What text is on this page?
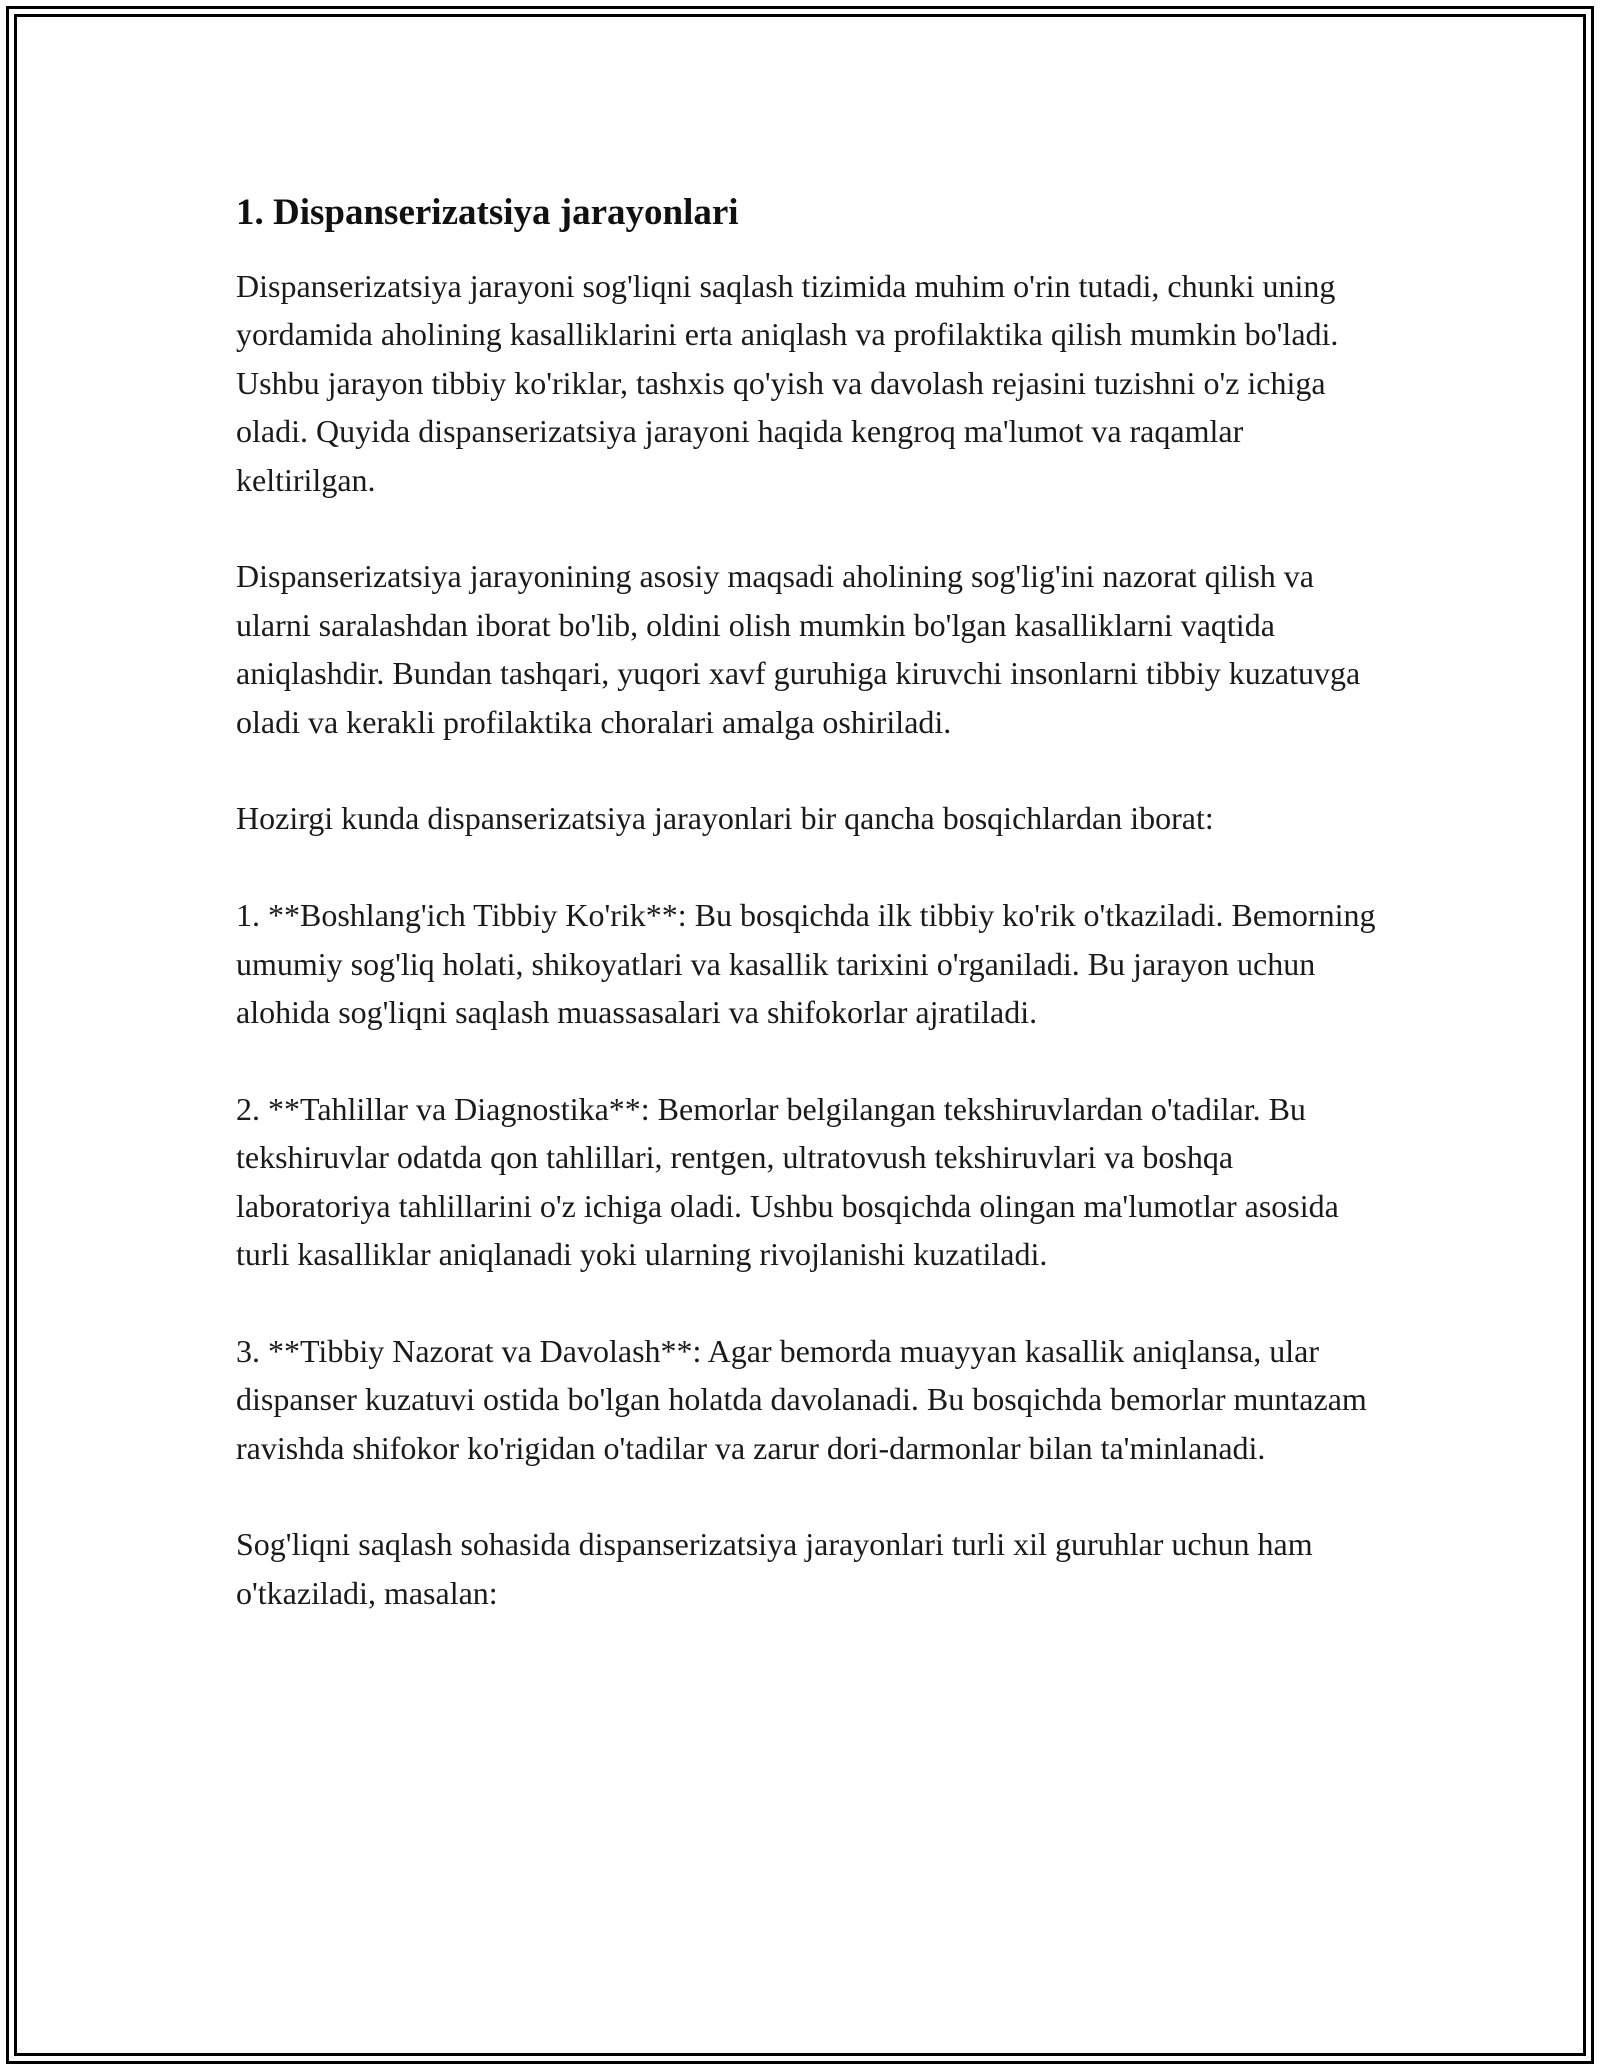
1. Dispanserizatsiya jarayonlari

Dispanserizatsiya jarayoni sog'liqni saqlash tizimida muhim o'rin tutadi, chunki uning yordamida aholining kasalliklarini erta aniqlash va profilaktika qilish mumkin bo'ladi. Ushbu jarayon tibbiy ko'riklar, tashxis qo'yish va davolash rejasini tuzishni o'z ichiga oladi. Quyida dispanserizatsiya jarayoni haqida kengroq ma'lumot va raqamlar keltirilgan.

Dispanserizatsiya jarayonining asosiy maqsadi aholining sog'lig'ini nazorat qilish va ularni saralashdan iborat bo'lib, oldini olish mumkin bo'lgan kasalliklarni vaqtida aniqlashdir. Bundan tashqari, yuqori xavf guruhiga kiruvchi insonlarni tibbiy kuzatuvga oladi va kerakli profilaktika choralari amalga oshiriladi.

Hozirgi kunda dispanserizatsiya jarayonlari bir qancha bosqichlardan iborat:

1. **Boshlang'ich Tibbiy Ko'rik**: Bu bosqichda ilk tibbiy ko'rik o'tkaziladi. Bemorning umumiy sog'liq holati, shikoyatlari va kasallik tarixini o'rganiladi. Bu jarayon uchun alohida sog'liqni saqlash muassasalari va shifokorlar ajratiladi.

2. **Tahlillar va Diagnostika**: Bemorlar belgilangan tekshiruvlardan o'tadilar. Bu tekshiruvlar odatda qon tahlillari, rentgen, ultratovush tekshiruvlari va boshqa laboratoriya tahlillarini o'z ichiga oladi. Ushbu bosqichda olingan ma'lumotlar asosida turli kasalliklar aniqlanadi yoki ularning rivojlanishi kuzatiladi.

3. **Tibbiy Nazorat va Davolash**: Agar bemorda muayyan kasallik aniqlansa, ular dispanser kuzatuvi ostida bo'lgan holatda davolanadi. Bu bosqichda bemorlar muntazam ravishda shifokor ko'rigidan o'tadilar va zarur dori-darmonlar bilan ta'minlanadi.

Sog'liqni saqlash sohasida dispanserizatsiya jarayonlari turli xil guruhlar uchun ham o'tkaziladi, masalan:
